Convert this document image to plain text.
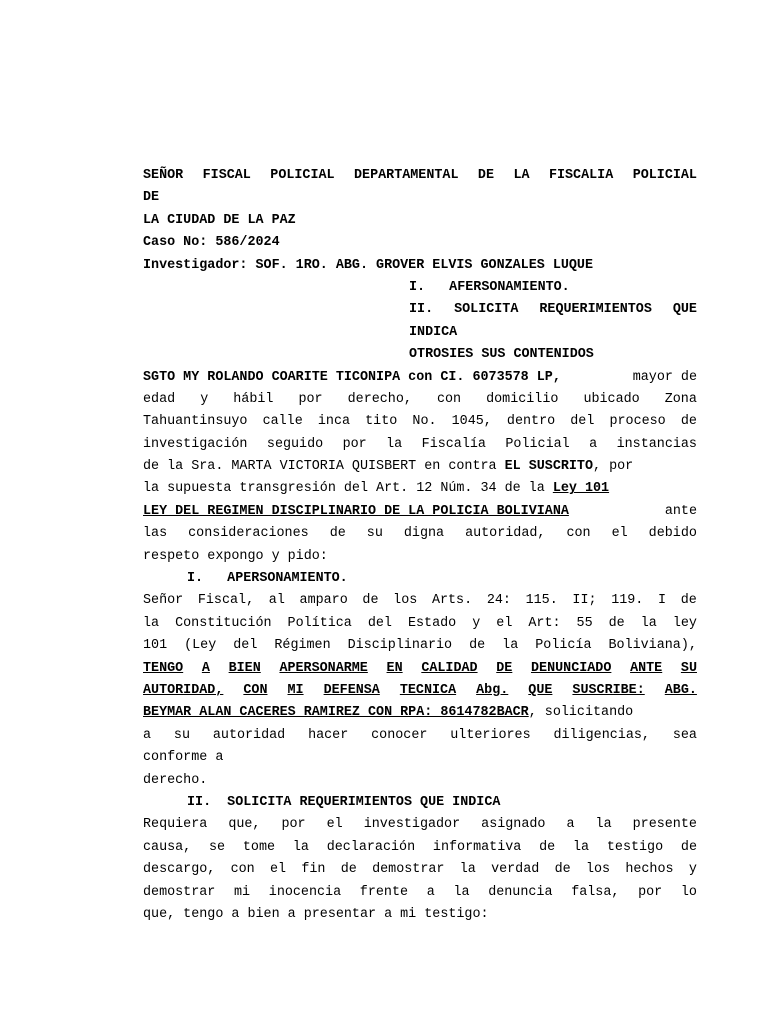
SEÑOR FISCAL POLICIAL DEPARTAMENTAL DE LA FISCALIA POLICIAL
DE
LA CIUDAD DE LA PAZ
Caso No: 586/2024
Investigador: SOF. 1RO. ABG. GROVER ELVIS GONZALES LUQUE
I.   AFERSONAMIENTO.
II. SOLICITA REQUERIMIENTOS QUE
INDICA
OTROSIES SUS CONTENIDOS
SGTO MY ROLANDO COARITE TICONIPA con CI. 6073578 LP,	mayor de
edad y hábil por derecho, con domicilio ubicado Zona
Tahuantinsuyo calle inca tito No. 1045, dentro del proceso de
investigación seguido por la Fiscalía Policial a instancias
de la Sra. MARTA VICTORIA QUISBERT en contra EL SUSCRITO, por
la supuesta transgresión del Art. 12 Núm. 34 de la Ley 101
LEY DEL REGIMEN DISCIPLINARIO DE LA POLICIA BOLIVIANA	ante
las consideraciones de su digna autoridad, con el debido
respeto expongo y pido:
I.   APERSONAMIENTO.
Señor Fiscal, al amparo de los Arts. 24: 115. II; 119. I de
la Constitución Política del Estado y el Art: 55 de la ley
101 (Ley del Régimen Disciplinario de la Policía Boliviana),
TENGO A BIEN APERSONARME EN CALIDAD DE DENUNCIADO ANTE SU
AUTORIDAD, CON MI DEFENSA TECNICA Abg. QUE SUSCRIBE: ABG.
BEYMAR ALAN CACERES RAMIREZ CON RPA: 8614782BACR, solicitando
a su autoridad hacer conocer ulteriores diligencias, sea
conforme a
derecho.
II.  SOLICITA REQUERIMIENTOS QUE INDICA
Requiera que, por el investigador asignado a la presente
causa, se tome la declaración informativa de la testigo de
descargo, con el fin de demostrar la verdad de los hechos y
demostrar mi inocencia frente a la denuncia falsa, por lo
que, tengo a bien a presentar a mi testigo:
